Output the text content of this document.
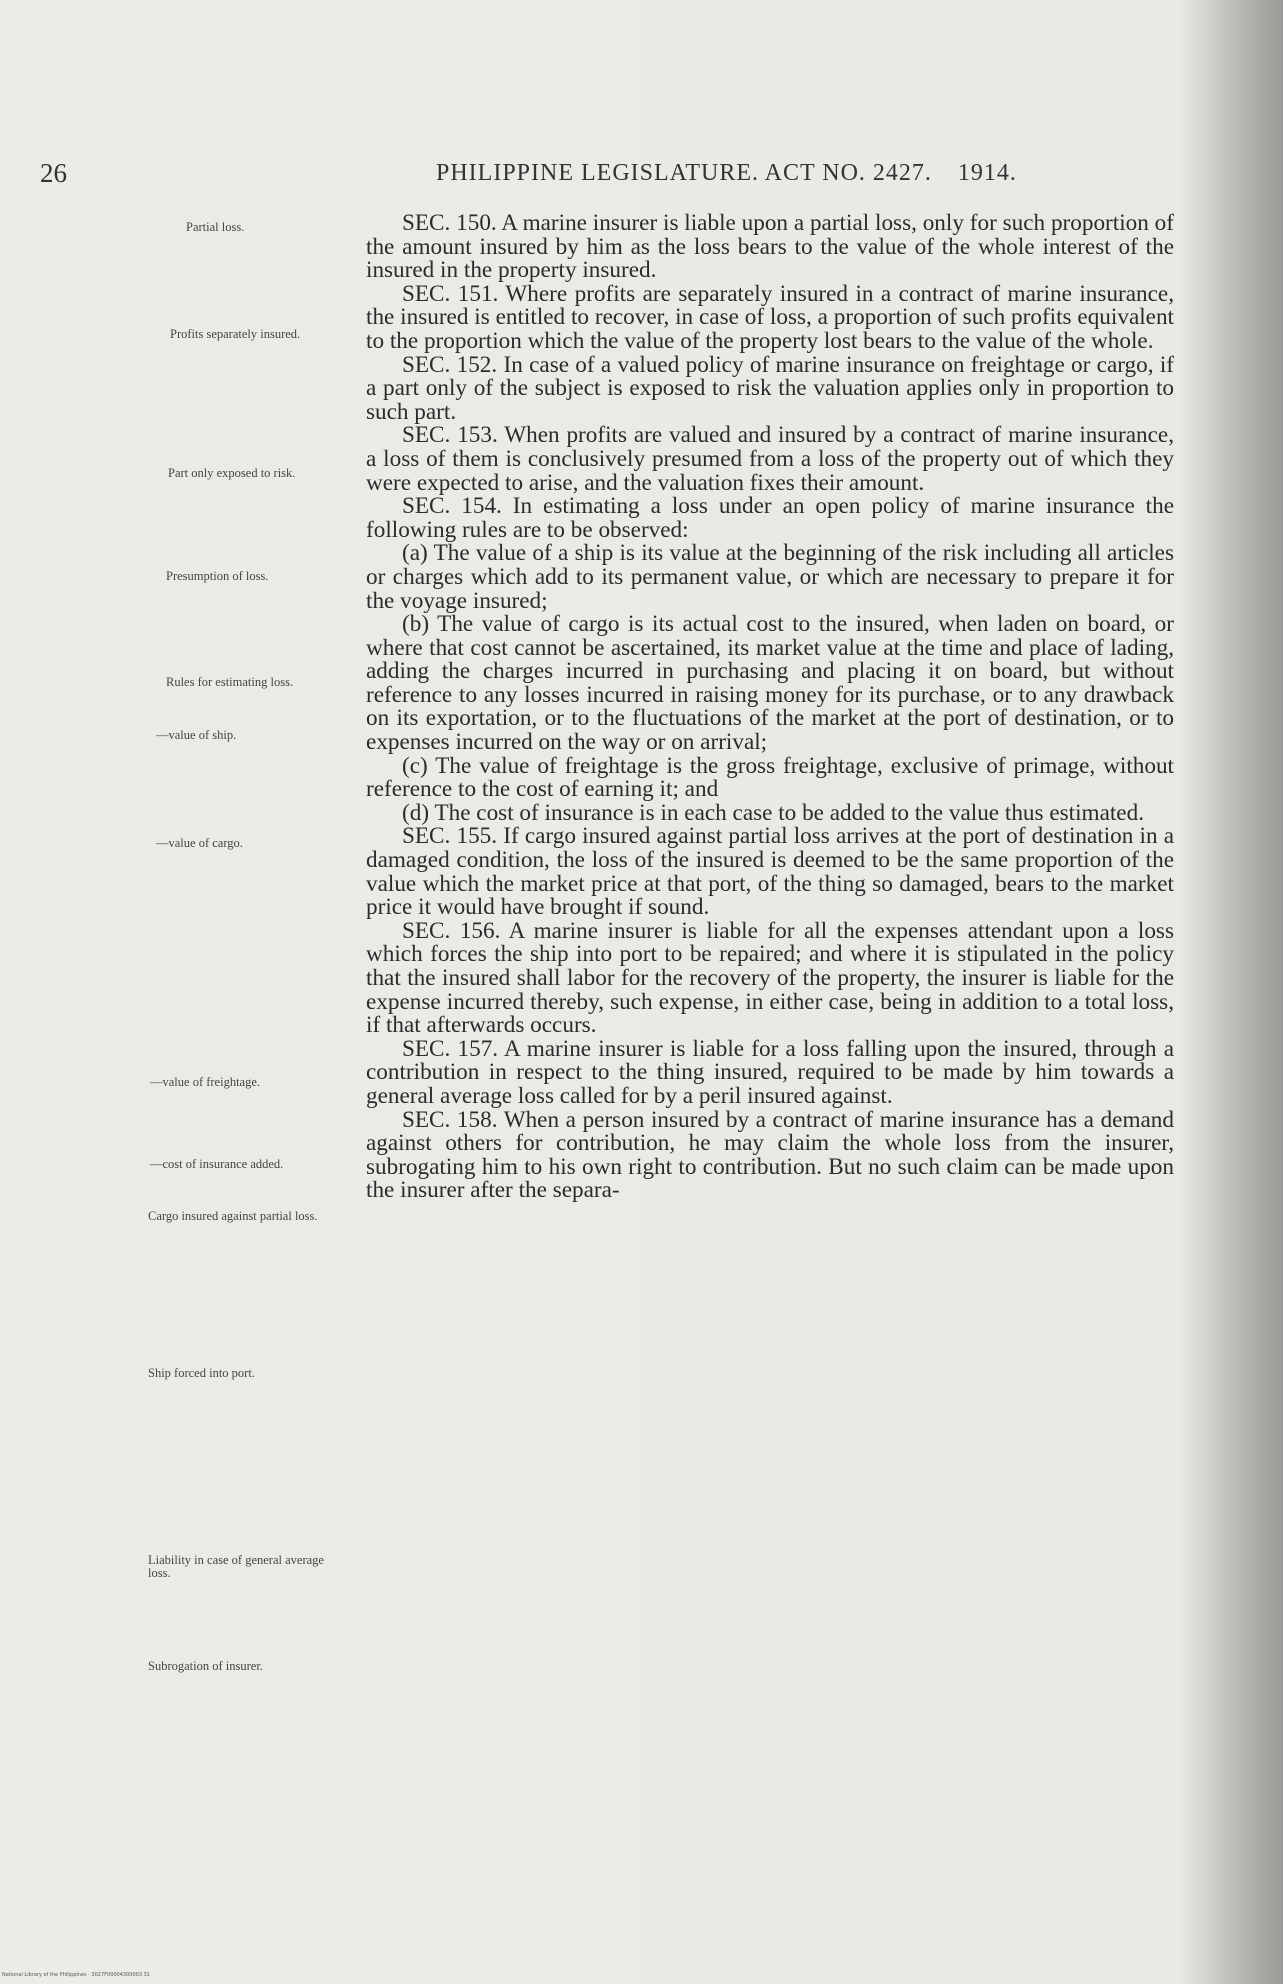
26	PHILIPPINE LEGISLATURE. ACT NO. 2427. 1914.
Partial loss.
Profits separately insured.
Part only exposed to risk.
Presumption of loss.
Rules for estimating loss.
—value of ship.
—value of cargo.
—value of freightage.
—cost of insurance added.
Cargo insured against partial loss.
Ship forced into port.
Liability in case of general average loss.
Subrogation of insurer.

SEC. 150. A marine insurer is liable upon a partial loss, only for such proportion of the amount insured by him as the loss bears to the value of the whole interest of the insured in the property insured.

SEC. 151. Where profits are separately insured in a contract of marine insurance, the insured is entitled to recover, in case of loss, a proportion of such profits equivalent to the proportion which the value of the property lost bears to the value of the whole.

SEC. 152. In case of a valued policy of marine insurance on freightage or cargo, if a part only of the subject is exposed to risk the valuation applies only in proportion to such part.

SEC. 153. When profits are valued and insured by a contract of marine insurance, a loss of them is conclusively presumed from a loss of the property out of which they were expected to arise, and the valuation fixes their amount.

SEC. 154. In estimating a loss under an open policy of marine insurance the following rules are to be observed:

(a) The value of a ship is its value at the beginning of the risk including all articles or charges which add to its permanent value, or which are necessary to prepare it for the voyage insured;

(b) The value of cargo is its actual cost to the insured, when laden on board, or where that cost cannot be ascertained, its market value at the time and place of lading, adding the charges incurred in purchasing and placing it on board, but without reference to any losses incurred in raising money for its purchase, or to any drawback on its exportation, or to the fluctuations of the market at the port of destination, or to expenses incurred on the way or on arrival;

(c) The value of freightage is the gross freightage, exclusive of primage, without reference to the cost of earning it; and

(d) The cost of insurance is in each case to be added to the value thus estimated.

SEC. 155. If cargo insured against partial loss arrives at the port of destination in a damaged condition, the loss of the insured is deemed to be the same proportion of the value which the market price at that port, of the thing so damaged, bears to the market price it would have brought if sound.

SEC. 156. A marine insurer is liable for all the expenses attendant upon a loss which forces the ship into port to be repaired; and where it is stipulated in the policy that the insured shall labor for the recovery of the property, the insurer is liable for the expense incurred thereby, such expense, in either case, being in addition to a total loss, if that afterwards occurs.

SEC. 157. A marine insurer is liable for a loss falling upon the insured, through a contribution in respect to the thing insured, required to be made by him towards a general average loss called for by a peril insured against.

SEC. 158. When a person insured by a contract of marine insurance has a demand against others for contribution, he may claim the whole loss from the insurer, subrogating him to his own right to contribution. But no such claim can be made upon the insurer after the separa-

National Library of the Philippines · 3027F00004300003 31
